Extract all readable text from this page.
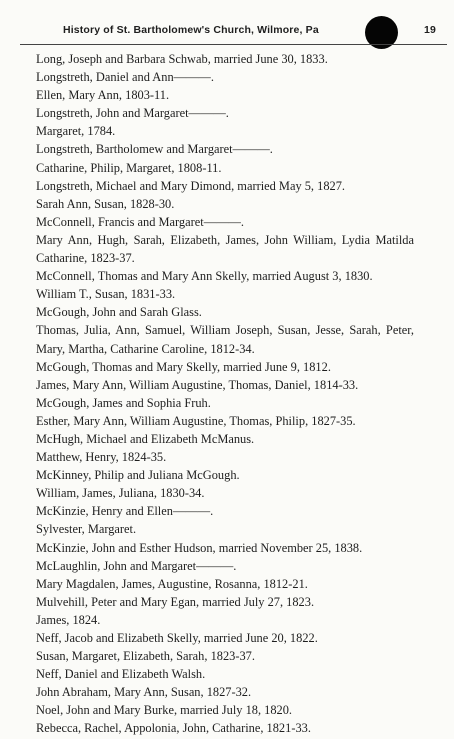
History of St. Bartholomew's Church, Wilmore, Pa	19

Long, Joseph and Barbara Schwab, married June 30, 1833.

Longstreth, Daniel and Ann———.

Ellen, Mary Ann, 1803-11.

Longstreth, John and Margaret———.

Margaret, 1784.

Longstreth, Bartholomew and Margaret———.

Catharine, Philip, Margaret, 1808-11.

Longstreth, Michael and Mary Dimond, married May 5, 1827.

Sarah Ann, Susan, 1828-30.

McConnell, Francis and Margaret———.

Mary Ann, Hugh, Sarah, Elizabeth, James, John William, Lydia Matilda Catharine, 1823-37.

McConnell, Thomas and Mary Ann Skelly, married August 3, 1830.

William T., Susan, 1831-33.

McGough, John and Sarah Glass.

Thomas, Julia, Ann, Samuel, William Joseph, Susan, Jesse, Sarah, Peter, Mary, Martha, Catharine Caroline, 1812-34.

McGough, Thomas and Mary Skelly, married June 9, 1812.

James, Mary Ann, William Augustine, Thomas, Daniel, 1814-33.

McGough, James and Sophia Fruh.

Esther, Mary Ann, William Augustine, Thomas, Philip, 1827-35.

McHugh, Michael and Elizabeth McManus.

Matthew, Henry, 1824-35.

McKinney, Philip and Juliana McGough.

William, James, Juliana, 1830-34.

McKinzie, Henry and Ellen———.

Sylvester, Margaret.

McKinzie, John and Esther Hudson, married November 25, 1838.

McLaughlin, John and Margaret———.

Mary Magdalen, James, Augustine, Rosanna, 1812-21.

Mulvehill, Peter and Mary Egan, married July 27, 1823.

James, 1824.

Neff, Jacob and Elizabeth Skelly, married June 20, 1822.

Susan, Margaret, Elizabeth, Sarah, 1823-37.

Neff, Daniel and Elizabeth Walsh.

John Abraham, Mary Ann, Susan, 1827-32.

Noel, John and Mary Burke, married July 18, 1820.

Rebecca, Rachel, Appolonia, John, Catharine, 1821-33.
